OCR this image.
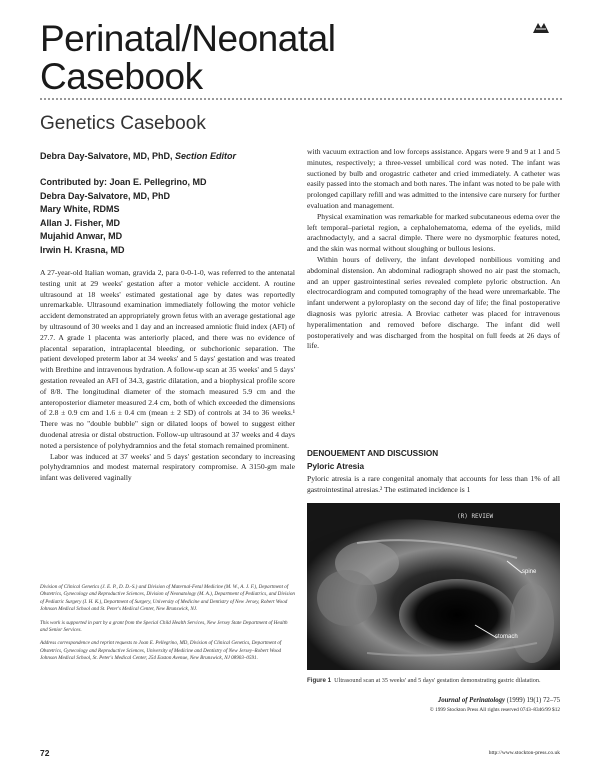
Perinatal/Neonatal Casebook
Genetics Casebook
Debra Day-Salvatore, MD, PhD, Section Editor
Contributed by: Joan E. Pellegrino, MD
Debra Day-Salvatore, MD, PhD
Mary White, RDMS
Allan J. Fisher, MD
Mujahid Anwar, MD
Irwin H. Krasna, MD

A 27-year-old Italian woman, gravida 2, para 0-0-1-0, was referred to the antenatal testing unit at 29 weeks' gestation after a motor vehicle accident. A routine ultrasound at 18 weeks' estimated gestational age by dates was reportedly unremarkable. Ultrasound examination immediately following the motor vehicle accident demonstrated an appropriately grown fetus with an average gestational age by ultrasound of 30 weeks and 1 day and an increased amniotic fluid index (AFI) of 27.7. A grade 1 placenta was anteriorly placed, and there was no evidence of placental separation, intraplacental bleeding, or subchorionic separation. The patient developed preterm labor at 34 weeks' and 5 days' gestation and was treated with Brethine and intravenous hydration. A follow-up scan at 35 weeks' and 5 days' gestation revealed an AFI of 34.3, gastric dilatation, and a biophysical profile score of 8/8. The longitudinal diameter of the stomach measured 5.9 cm and the anteroposterior diameter measured 2.4 cm, both of which exceeded the dimensions of 2.8 ± 0.9 cm and 1.6 ± 0.4 cm (mean ± 2 SD) of controls at 34 to 36 weeks.¹ There was no "double bubble" sign or dilated loops of bowel to suggest either duodenal atresia or distal obstruction. Follow-up ultrasound at 37 weeks and 4 days noted a persistence of polyhydramnios and the fetal stomach remained prominent.

Labor was induced at 37 weeks' and 5 days' gestation secondary to increasing polyhydramnios and modest maternal respiratory compromise. A 3150-gm male infant was delivered vaginally

Division of Clinical Genetics (J. E. P., D. D.-S.) and Division of Maternal-Fetal Medicine (M. W., A. J. F.), Department of Obstetrics, Gynecology and Reproductive Sciences, Division of Neonatology (M. A.), Department of Pediatrics, and Division of Pediatric Surgery (I. H. K.), Department of Surgery, University of Medicine and Dentistry of New Jersey, Robert Wood Johnson Medical School and St. Peter's Medical Center, New Brunswick, NJ.

This work is supported in part by a grant from the Special Child Health Services, New Jersey State Department of Health and Senior Services.

Address correspondence and reprint requests to Joan E. Pellegrino, MD, Division of Clinical Genetics, Department of Obstetrics, Gynecology and Reproductive Sciences, University of Medicine and Dentistry of New Jersey–Robert Wood Johnson Medical School, St. Peter's Medical Center, 254 Easton Avenue, New Brunswick, NJ 08903–0591.

with vacuum extraction and low forceps assistance. Apgars were 9 and 9 at 1 and 5 minutes, respectively; a three-vessel umbilical cord was noted. The infant was suctioned by bulb and orogastric catheter and cried immediately. A catheter was easily passed into the stomach and both nares. The infant was noted to be pale with prolonged capillary refill and was admitted to the intensive care nursery for further evaluation and management.

Physical examination was remarkable for marked subcutaneous edema over the left temporal–parietal region, a cephalohematoma, edema of the eyelids, mild arachnodactyly, and a sacral dimple. There were no dysmorphic features noted, and the skin was normal without sloughing or bullous lesions.

Within hours of delivery, the infant developed nonbilious vomiting and abdominal distension. An abdominal radiograph showed no air past the stomach, and an upper gastrointestinal series revealed complete pyloric obstruction. An electrocardiogram and computed tomography of the head were unremarkable. The infant underwent a pyloroplasty on the second day of life; the final postoperative diagnosis was pyloric atresia. A Broviac catheter was placed for intravenous hyperalimentation and removed before discharge. The infant did well postoperatively and was discharged from the hospital on full feeds at 26 days of life.

DENOUEMENT AND DISCUSSION
Pyloric Atresia
Pyloric atresia is a rare congenital anomaly that accounts for less than 1% of all gastrointestinal atresias.² The estimated incidence is 1
(R) REVIEW
spine
stomach
Figure 1 Ultrasound scan at 35 weeks' and 5 days' gestation demonstrating gastric dilatation.
Journal of Perinatology (1999) 19(1) 72–75
© 1999 Stockton Press All rights reserved 0743–8346/99 $12
72	http://www.stockton-press.co.uk
